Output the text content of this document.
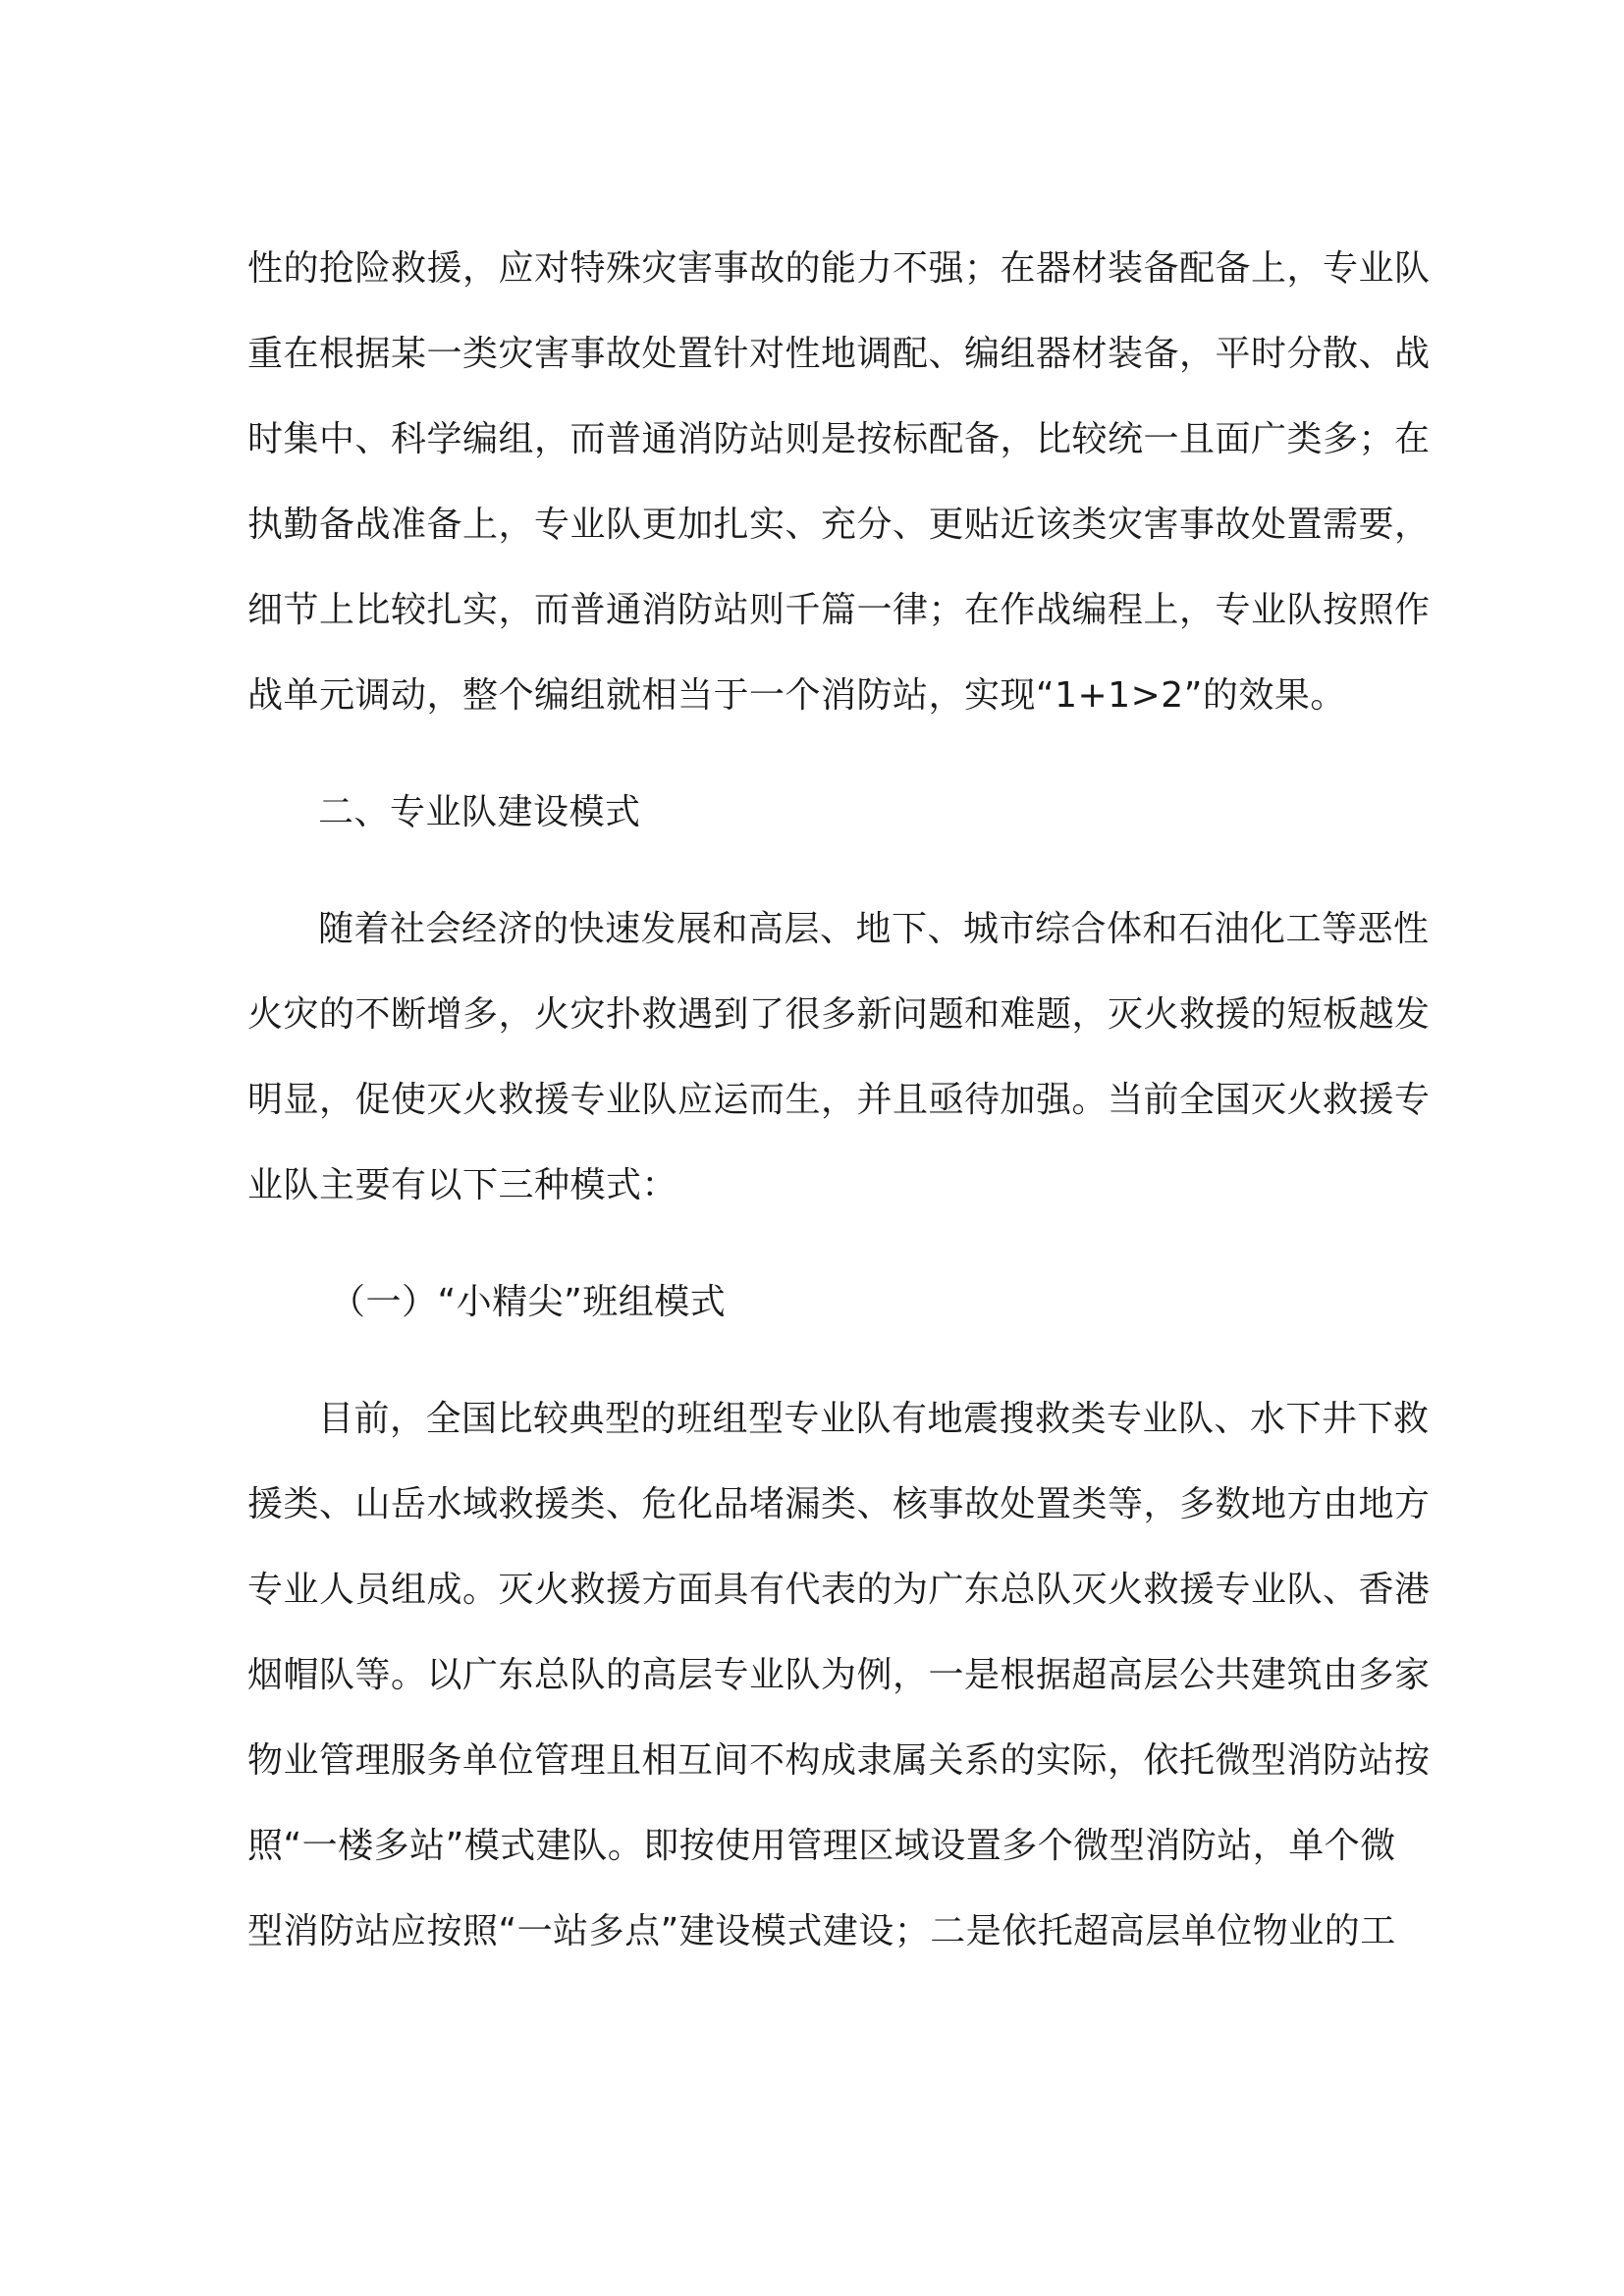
性的抢险救援，应对特殊灾害事故的能力不强；在器材装备配备上，专业队
重在根据某一类灾害事故处置针对性地调配、编组器材装备，平时分散、战
时集中、科学编组，而普通消防站则是按标配备，比较统一且面广类多；在
执勤备战准备上，专业队更加扎实、充分、更贴近该类灾害事故处置需要，
细节上比较扎实，而普通消防站则千篇一律；在作战编程上，专业队按照作
战单元调动，整个编组就相当于一个消防站，实现“1+1>2”的效果。

二、专业队建设模式

随着社会经济的快速发展和高层、地下、城市综合体和石油化工等恶性
火灾的不断增多，火灾扑救遇到了很多新问题和难题，灭火救援的短板越发
明显，促使灭火救援专业队应运而生，并且亟待加强。当前全国灭火救援专
业队主要有以下三种模式：

（一）“小精尖”班组模式

目前，全国比较典型的班组型专业队有地震搜救类专业队、水下井下救
援类、山岳水域救援类、危化品堵漏类、核事故处置类等，多数地方由地方
专业人员组成。灭火救援方面具有代表的为广东总队灭火救援专业队、香港
烟帽队等。以广东总队的高层专业队为例，一是根据超高层公共建筑由多家
物业管理服务单位管理且相互间不构成隶属关系的实际，依托微型消防站按
照“一楼多站”模式建队。即按使用管理区域设置多个微型消防站，单个微
型消防站应按照“一站多点”建设模式建设；二是依托超高层单位物业的工
